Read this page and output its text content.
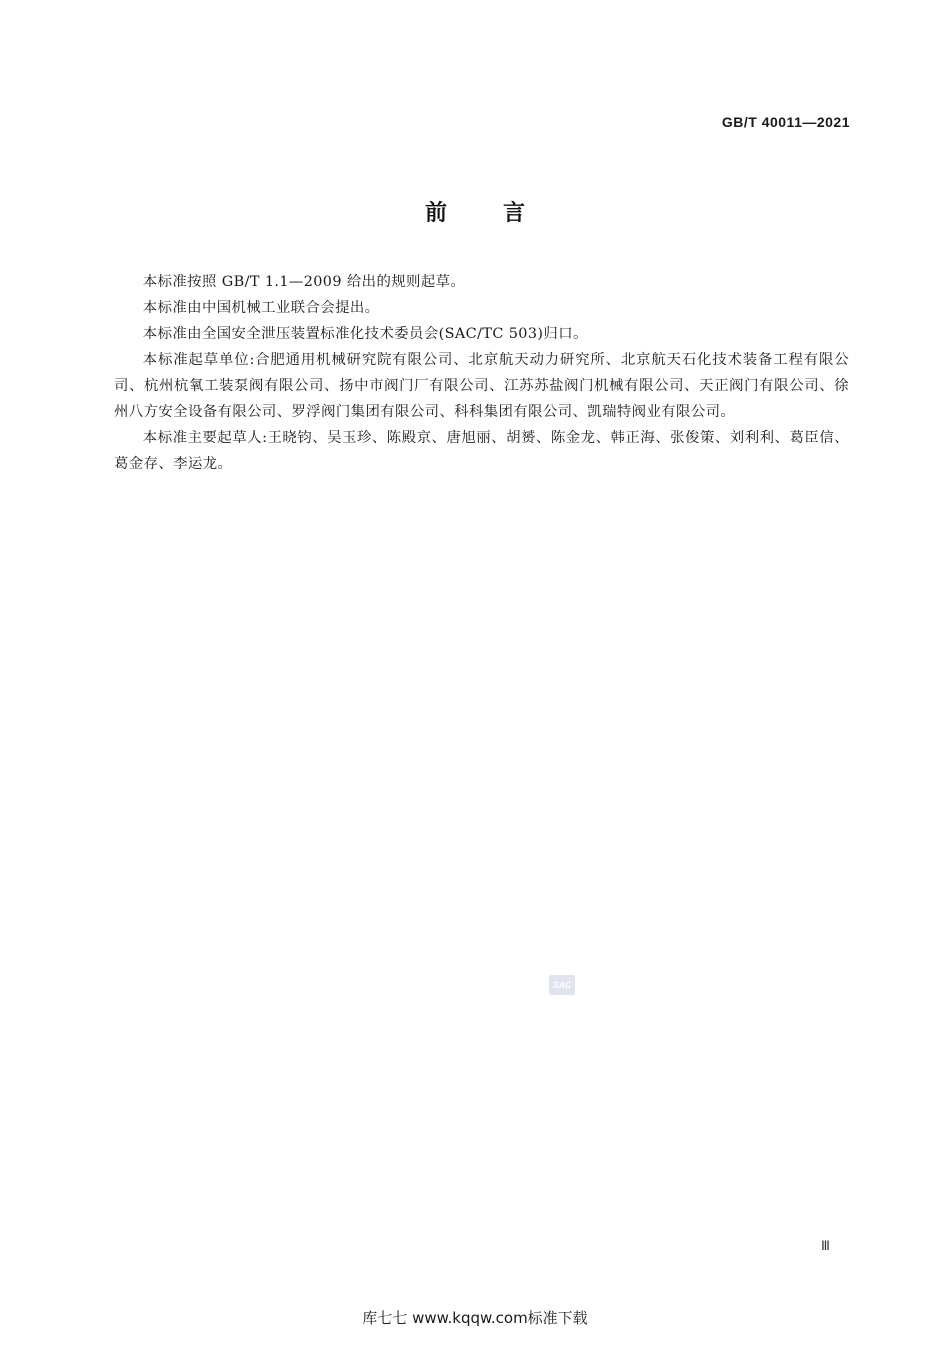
GB/T 40011—2021
前言

本标准按照 GB/T 1.1—2009 给出的规则起草。

本标准由中国机械工业联合会提出。

本标准由全国安全泄压装置标准化技术委员会(SAC/TC 503)归口。

本标准起草单位:合肥通用机械研究院有限公司、北京航天动力研究所、北京航天石化技术装备工程有限公司、杭州杭氧工装泵阀有限公司、扬中市阀门厂有限公司、江苏苏盐阀门机械有限公司、天正阀门有限公司、徐州八方安全设备有限公司、罗浮阀门集团有限公司、科科集团有限公司、凯瑞特阀业有限公司。

本标准主要起草人:王晓钧、吴玉珍、陈殿京、唐旭丽、胡赟、陈金龙、韩正海、张俊策、刘利利、葛臣信、葛金存、李运龙。

SAC
Ⅲ
库七七 www.kqqw.com标准下载
